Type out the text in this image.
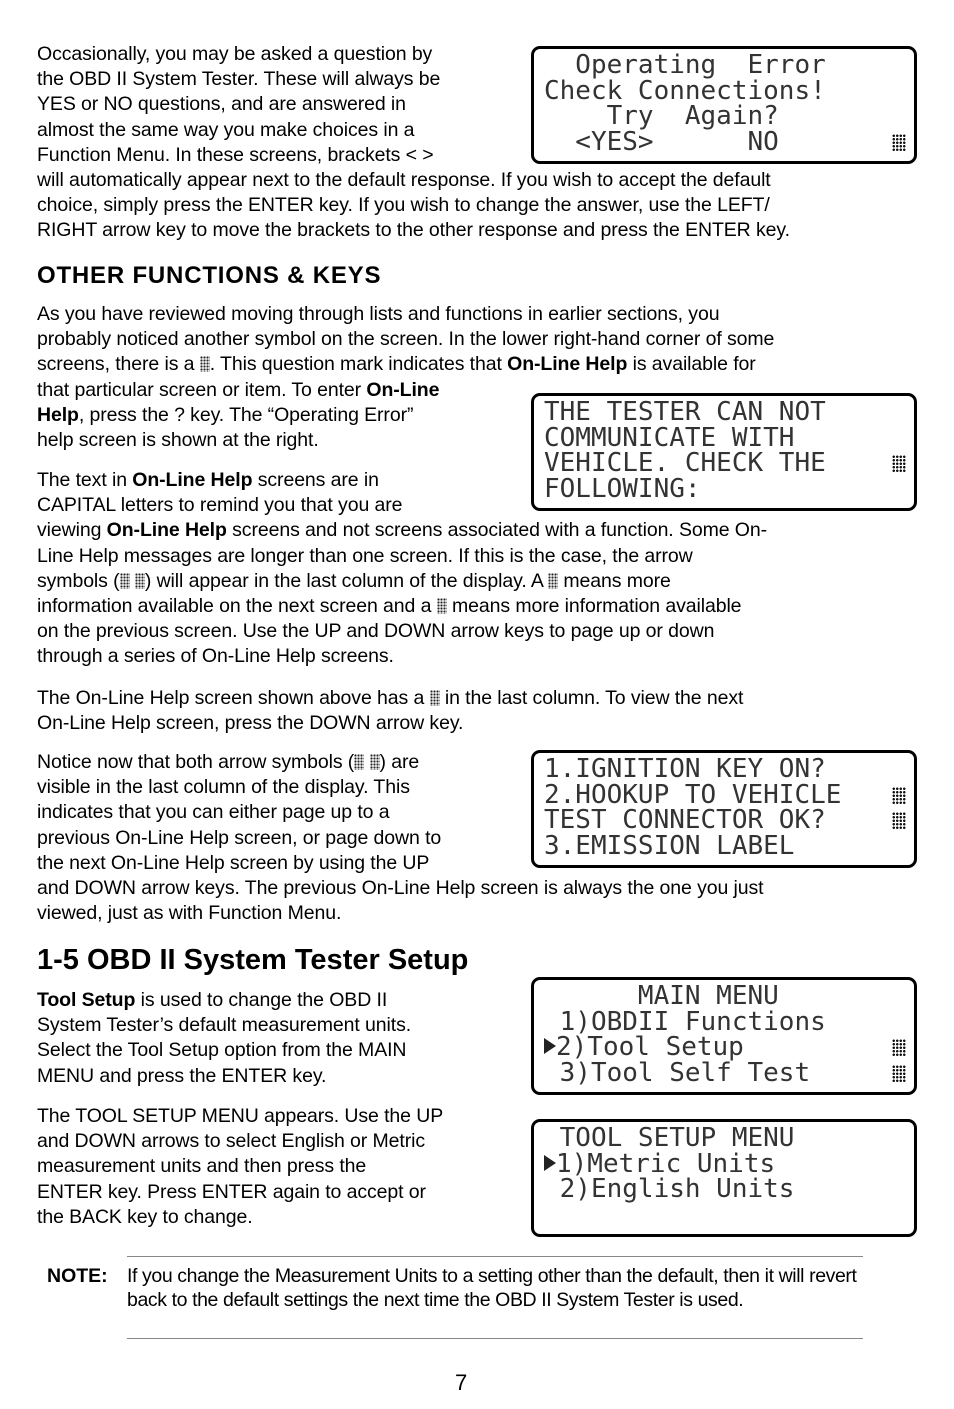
Occasionally, you may be asked a question by
the OBD II System Tester. These will always be
YES or NO questions, and are answered in
almost the same way you make choices in a
Function Menu. In these screens, brackets < >
will automatically appear next to the default response. If you wish to accept the default
choice, simply press the ENTER key. If you wish to change the answer, use the LEFT/
RIGHT arrow key to move the brackets to the other response and press the ENTER key.
Operating  Error
Check Connections!
Try  Again?
<YES>      NO
OTHER FUNCTIONS & KEYS
As you have reviewed moving through lists and functions in earlier sections, you
probably noticed another symbol on the screen. In the lower right-hand corner of some
screens, there is a . This question mark indicates that On-Line Help is available for
that particular screen or item. To enter On-Line
Help, press the ? key. The “Operating Error”
help screen is shown at the right.
The text in On-Line Help screens are in
CAPITAL letters to remind you that you are
viewing On-Line Help screens and not screens associated with a function. Some On-
Line Help messages are longer than one screen. If this is the case, the arrow
symbols ( ) will appear in the last column of the display. A means more
information available on the next screen and a means more information available
on the previous screen. Use the UP and DOWN arrow keys to page up or down
through a series of On-Line Help screens.
THE TESTER CAN NOT
COMMUNICATE WITH
VEHICLE. CHECK THE
FOLLOWING:
The On-Line Help screen shown above has a in the last column. To view the next
On-Line Help screen, press the DOWN arrow key.
Notice now that both arrow symbols ( ) are
visible in the last column of the display. This
indicates that you can either page up to a
previous On-Line Help screen, or page down to
the next On-Line Help screen by using the UP
and DOWN arrow keys. The previous On-Line Help screen is always the one you just
viewed, just as with Function Menu.
1.IGNITION KEY ON?
2.HOOKUP TO VEHICLE
TEST CONNECTOR OK?
3.EMISSION LABEL
1-5 OBD II System Tester Setup
Tool Setup is used to change the OBD II
System Tester’s default measurement units.
Select the Tool Setup option from the MAIN
MENU and press the ENTER key.
The TOOL SETUP MENU appears. Use the UP
and DOWN arrows to select English or Metric
measurement units and then press the
ENTER key. Press ENTER again to accept or
the BACK key to change.
MAIN MENU
1)OBDII Functions
2)Tool Setup
3)Tool Self Test
TOOL SETUP MENU
1)Metric Units
2)English Units
NOTE: If you change the Measurement Units to a setting other than the default, then it will revert back to the default settings the next time the OBD II System Tester is used.
7
